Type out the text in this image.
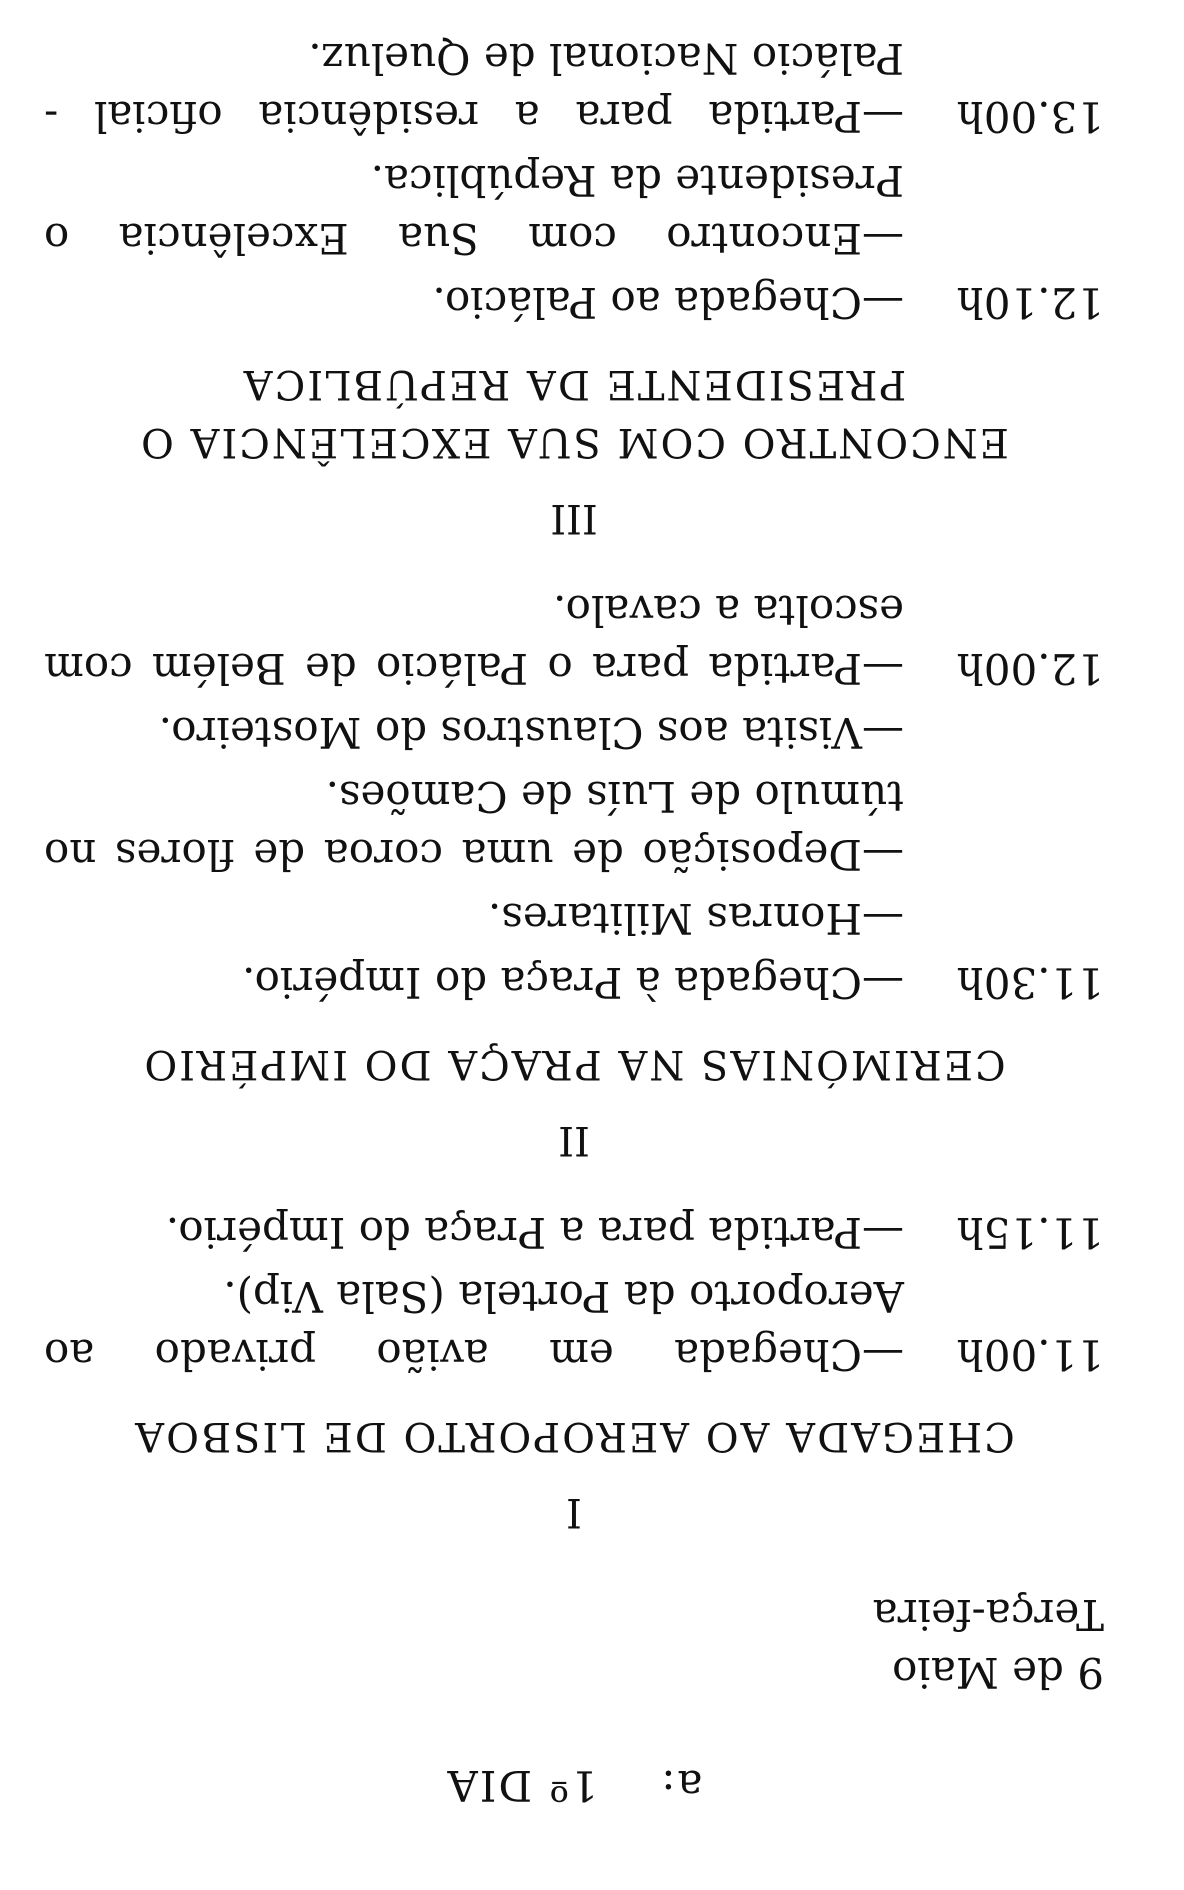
a:    1º DIA

9 de Maio

Terça-feira

I
CHEGADA AO AEROPORTO DE LISBOA
11.00h
—Chegada em avião privado ao Aeroporto da Portela (Sala Vip).
11.15h
—Partida para a Praça do Império.
II
CERIMÓNIAS NA PRAÇA DO IMPÉRIO
11.30h
—Chegada à Praça do Império.
—Honras Militares.
—Deposição de uma coroa de flores no túmulo de Luís de Camões.
—Visita aos Claustros do Mosteiro.
12.00h
—Partida para o Palácio de Belém com escolta a cavalo.
III
ENCONTRO COM SUA EXCELÊNCIA O PRESIDENTE DA REPÚBLICA
12.10h
—Chegada ao Palácio.
—Encontro com Sua Excelência o Presidente da República.
13.00h
—Partida para a residência oficial - Palácio Nacional de Queluz.
